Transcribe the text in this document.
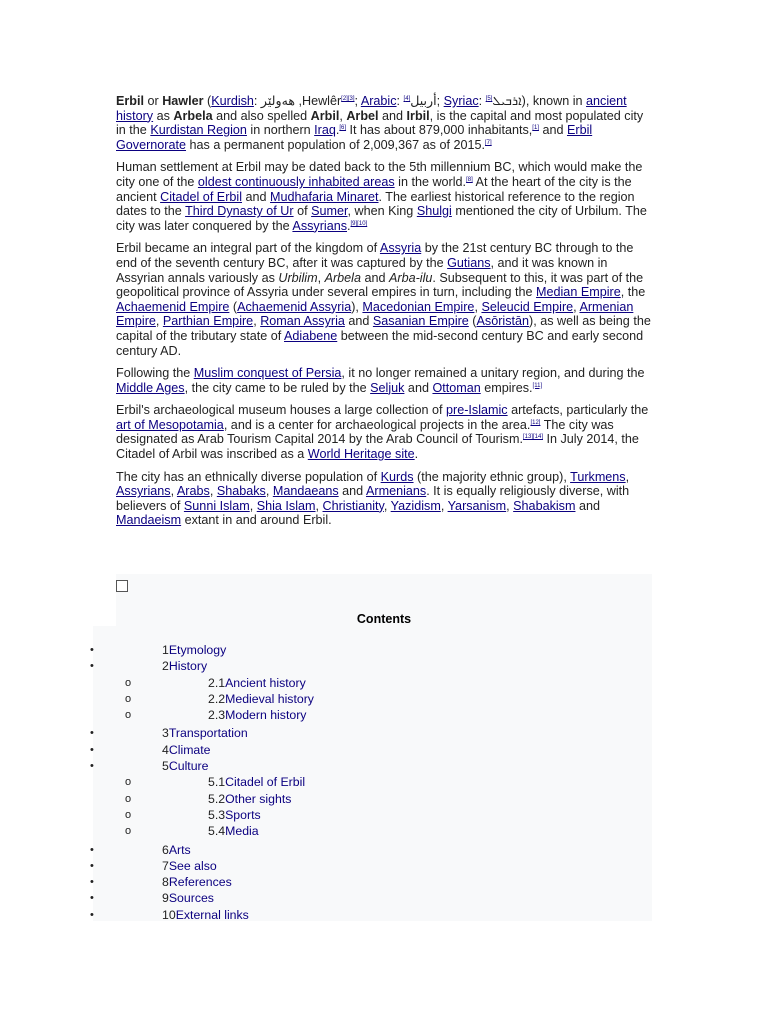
Erbil or Hawler (Kurdish: هەولێر ,Hewlêr[2][3]; Arabic: أربيل[4] ; Syriac: ܐܪܒܝܠ[5] ), known in ancient history as Arbela and also spelled Arbil, Arbel and Irbil, is the capital and most populated city in the Kurdistan Region in northern Iraq.[6] It has about 879,000 inhabitants,[1] and Erbil Governorate has a permanent population of 2,009,367 as of 2015.[7]

Human settlement at Erbil may be dated back to the 5th millennium BC, which would make the city one of the oldest continuously inhabited areas in the world.[8] At the heart of the city is the ancient Citadel of Erbil and Mudhafaria Minaret. The earliest historical reference to the region dates to the Third Dynasty of Ur of Sumer, when King Shulgi mentioned the city of Urbilum. The city was later conquered by the Assyrians.[9][10]

Erbil became an integral part of the kingdom of Assyria by the 21st century BC through to the end of the seventh century BC, after it was captured by the Gutians, and it was known in Assyrian annals variously as Urbilim, Arbela and Arba-ilu. Subsequent to this, it was part of the geopolitical province of Assyria under several empires in turn, including the Median Empire, the Achaemenid Empire (Achaemenid Assyria), Macedonian Empire, Seleucid Empire, Armenian Empire, Parthian Empire, Roman Assyria and Sasanian Empire (Asōristān), as well as being the capital of the tributary state of Adiabene between the mid-second century BC and early second century AD.

Following the Muslim conquest of Persia, it no longer remained a unitary region, and during the Middle Ages, the city came to be ruled by the Seljuk and Ottoman empires.[11]

Erbil's archaeological museum houses a large collection of pre-Islamic artefacts, particularly the art of Mesopotamia, and is a center for archaeological projects in the area.[12] The city was designated as Arab Tourism Capital 2014 by the Arab Council of Tourism.[13][14] In July 2014, the Citadel of Arbil was inscribed as a World Heritage site.

The city has an ethnically diverse population of Kurds (the majority ethnic group), Turkmens, Assyrians, Arabs, Shabaks, Mandaeans and Armenians. It is equally religiously diverse, with believers of Sunni Islam, Shia Islam, Christianity, Yazidism, Yarsanism, Shabakism and Mandaeism extant in and around Erbil.

Contents
•	1Etymology
•	2History
o	2.1Ancient history
o	2.2Medieval history
o	2.3Modern history
•	3Transportation
•	4Climate
•	5Culture
o	5.1Citadel of Erbil
o	5.2Other sights
o	5.3Sports
o	5.4Media
•	6Arts
•	7See also
•	8References
•	9Sources
•	10External links
